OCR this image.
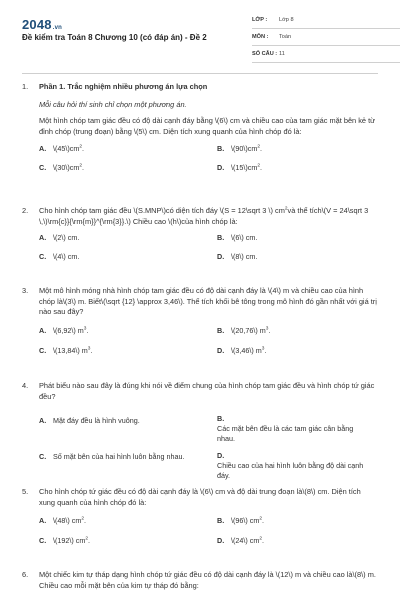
2048.vn
Đề kiểm tra Toán 8 Chương 10 (có đáp án) - Đề 2
LỚP :	Lớp 8
MÔN :	Toán
SỐ CÂU : 11
1. Phần 1. Trắc nghiệm nhiều phương án lựa chọn
Mỗi câu hỏi thí sinh chỉ chọn một phương án.
Một hình chóp tam giác đều có độ dài cạnh đáy bằng \(6\) cm và chiều cao của tam giác mặt bên kẻ từ đỉnh chóp (trung đoạn) bằng \(5\) cm. Diện tích xung quanh của hình chóp đó là:
A. $\backslash(45\backslash)cm^2$.	B. $\backslash(90\backslash)cm^2$.
C. $\backslash(30\backslash)cm^2$.	D. $\backslash(15\backslash)cm^2$.
2. Cho hình chóp tam giác đều \(S.MNP\)có diện tích đáy \(S = 12\sqrt 3 \) $cm^2và$ thể tích\(V = 24\sqrt 3 \,\)\rm{c}}{\rm{m}}^{\rm{3}}.\) Chiều cao \(h\)của hình chóp là:
A. \(2\) cm.	B. \(6\) cm.
C. \(4\) cm.	D. \(8\) cm.
3. Một mô hình móng nhà hình chóp tam giác đều có độ dài cạnh đáy là \(4\) m và chiều cao của hình chóp là\(3\) m. Biết\(\sqrt {12} \approx 3,46\). Thể tích khối bê tông trong mô hình đó gần nhất với giá trị nào sau đây?
A. \(6,92\) $m^3$.	B. \(20,76\) $m^3$.
C. \(13,84\) $m^3$.	D. \(3,46\) $m^3$.
4. Phát biểu nào sau đây là đúng khi nói về điểm chung của hình chóp tam giác đều và hình chóp tứ giác đều?
A. Mặt đáy đều là hình vuông.	B.Các mặt bên đều là các tam giác cân bằng nhau.
C. Số mặt bên của hai hình luôn bằng nhau.	D.Chiều cao của hai hình luôn bằng độ dài cạnh đáy.
5. Cho hình chóp tứ giác đều có độ dài cạnh đáy là \(6\) cm và độ dài trung đoạn là\(8\) cm. Diện tích xung quanh của hình chóp đó là:
A. \(48\) $cm^2$.	B. \(96\) $cm^2$.
C. \(192\) $cm^2$.	D. \(24\) $cm^2$.
6. Một chiếc kim tự tháp dạng hình chóp tứ giác đều có độ dài cạnh đáy là \(12\) m và chiều cao là\(8\) m. Chiều cao mỗi mặt bên của kim tự tháp đó bằng:
